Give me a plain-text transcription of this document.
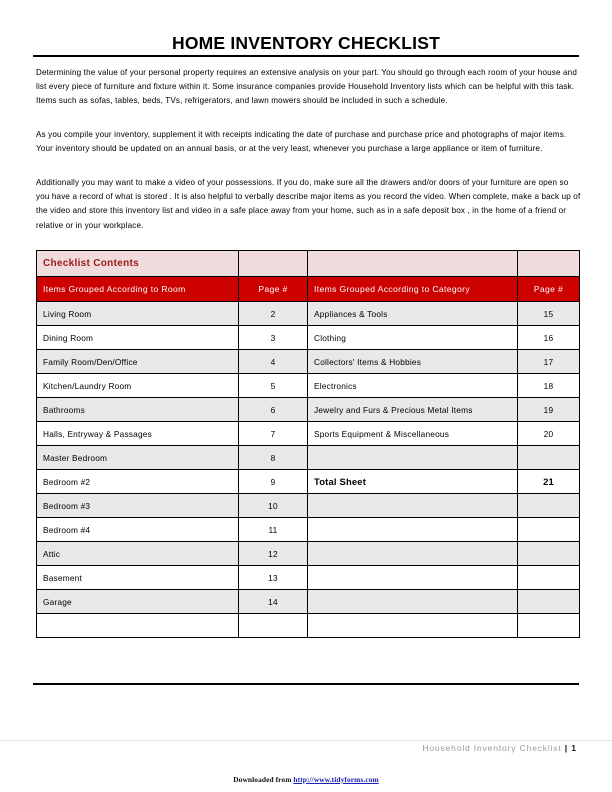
HOME INVENTORY CHECKLIST
Determining the value of your personal property requires an extensive analysis on your part. You should go through each room of your house and list every piece of furniture and fixture within it. Some insurance companies provide Household Inventory lists which can be helpful with this task. Items such as sofas, tables, beds, TVs, refrigerators, and lawn mowers should be included in such a schedule.
As you compile your inventory, supplement it with receipts indicating the date of purchase and purchase price and photographs of major items. Your inventory should be updated on an annual basis, or at the very least, whenever you purchase a large appliance or item of furniture.
Additionally you may want to make a video of your possessions. If you do, make sure all the drawers and/or doors of your furniture are open so you have a record of what is stored . It is also helpful to verbally describe major items as you record the video. When complete, make a back up of the video and store this inventory list and video in a safe place away from your home, such as in a safe deposit box , in the home of a friend or relative or in your workplace.
Checklist Contents			
Items Grouped According to Room	Page #	Items Grouped According to Category	Page #
Living Room	2	Appliances & Tools	15
Dining Room	3	Clothing	16
Family Room/Den/Office	4	Collectors' Items & Hobbies	17
Kitchen/Laundry Room	5	Electronics	18
Bathrooms	6	Jewelry and Furs & Precious Metal Items	19
Halls, Entryway & Passages	7	Sports Equipment & Miscellaneous	20
Master Bedroom	8		
Bedroom #2	9	Total Sheet	21
Bedroom #3	10		
Bedroom #4	11		
Attic	12		
Basement	13		
Garage	14		

Household Inventory Checklist | 1
Downloaded from http://www.tidyforms.com
